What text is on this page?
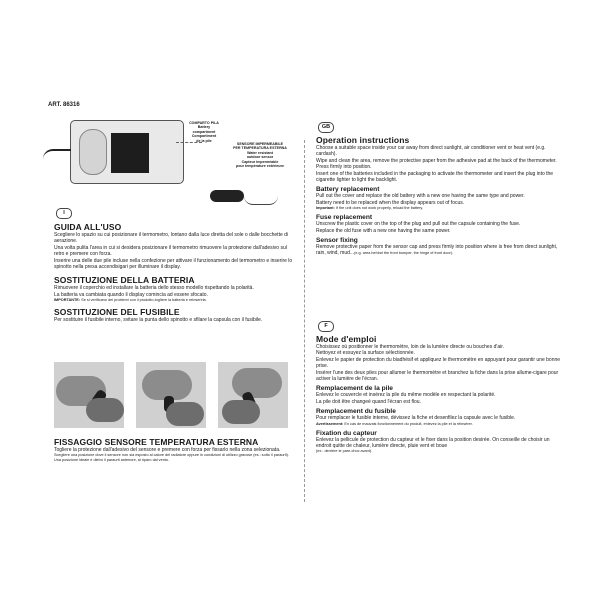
ART. 86316
COMPARTO PILA
Battery
compartment
Compartiment
de la pile
SENSORE IMPERMEABILE
PER TEMPERATURA ESTERNA
Water resistant
outdoor sensor
Capteur imperméable
pour température extérieure
I
GUIDA ALL'USO
Scegliere lo spazio su cui posizionare il termometro, lontano dalla luce diretta del sole o dalle bocchette di aerazione.
Una volta pulita l'area in cui si desidera posizionare il termometro rimuovere la protezione dall'adesivo sul retro e premere con forza.
Inserire una delle due pile incluse nella confezione per attivare il funzionamento del termometro e inserire lo spinotto nella presa accendisigari per illuminare il display.
SOSTITUZIONE DELLA BATTERIA
Rimuovere il coperchio ed installare la batteria dello stesso modello rispettando la polarità.
La batteria va cambiata quando il display comincia ad essere sfocato.
IMPORTANTE: Se si verificano dei problemi con il prodotto,togliere la batteria e reinserirla.
SOSTITUZIONE DEL FUSIBILE
Per sostituire il fusibile interno, svitare la punta dello spinotto e sfilare la capsula con il fusibile.
FISSAGGIO SENSORE TEMPERATURA ESTERNA
Togliere la protezione dall'adesivo del sensore e premere con forza per fissarlo nella zona selezionata.
Scegliere una posizione dove il sensore non sia esposto al calore del radiatore oppure in condizioni di utilizzo gravose (es.: sotto il paraurti).
Una posizione ideale è dietro il paraurti anteriore, al riparo dal vento.
GB
Operation instructions
Choose a suitable space inside your car away from direct sunlight, air conditioner vent or heat vent (e.g. cardash).
Wipe and clean the area, remove the protective paper from the adhesive pad at the back of the thermometer.
Press firmly into position.
Insert one of the batteries included in the packaging to activate the thermometer and insert the plug into the cigarette lighter to light the backlight.
Battery replacement
Pull out the cover and replace the old battery with a new one having the same type and power.
Battery need to be replaced when the display appears out of focus.
Important: If the unit does not work properly, reload the battery.
Fuse replacement
Unscrew the plastic cover on the top of the plug and pull out the capsule containing the fuse.
Replace the old fuse with a new one having the same power.
Sensor fixing
Remove protective paper from the sensor cap and press firmly into position where is free from direct sunlight, rain, wind, mud...(e.g. area behind the front bumper, the hinge of front door).
F
Mode d'emploi
Choisissez où positionner le thermomètre, loin de la lumière directe ou bouches d'air.
Nettoyez et essuyez la surface sélectionnée.
Enlevez le papier de protection du biadhésif et appliquez le thermomètre en appuyant pour garantir une bonne prise.
Insérer l'une des deux piles pour allumer le thermomètre et branchez la fiche dans la prise allume-cigare pour activer la lumière de l'écran.
Remplacement de la pile
Enlevez le couvercle et insérez la pile du même modèle en respectant la polarité.
La pile doit être changeé quand l'écran est flou.
Remplacement du fusible
Pour remplacer le fusible interne, dévissez la fiche et desenfilez la capsule avec le fusible.
Avertissement: En cas de mauvais fonctionnement du produit, enlevez la pile et la réinsérer.
Fixation du capteur
Enlevez la pellicule de protection du capteur et le fixer dans la position desirée. On conseille de choisir un endroit quitte de chaleur, lumière directe, pluie vent et boue
(ex.: derrière le pare-choc avant).
